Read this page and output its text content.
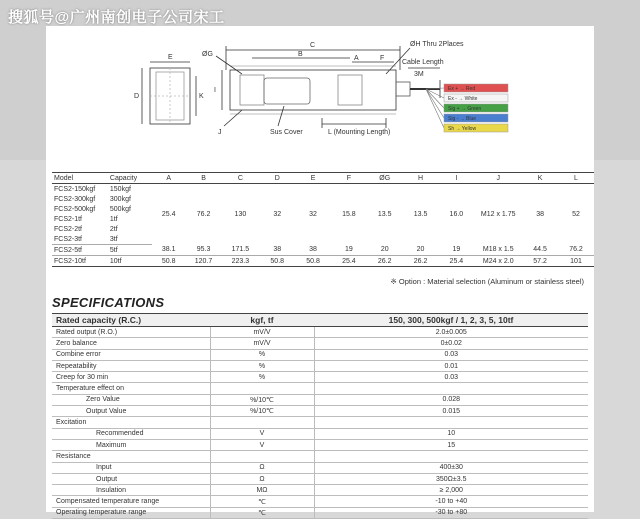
E
D	K
ØG
I
J
C
B
A	F
ØH Thru 2Places
Cable Length
3M
Sus Cover	L (Mounting Length)
Ex + → Red
Ex - → White
Sig + → Green
Sig - → Blue
Sh → Yellow
Model	Capacity	A	B	C	D	E	F	ØG	H	I	J	K	L
FCS2-150kgf	150kgf	25.4	76.2	130	32	32	15.8	13.5	13.5	16.0	M12 x 1.75	38	52
FCS2-300kgf	300kgf												
FCS2-500kgf	500kgf												
FCS2-1tf	1tf												
FCS2-2tf	2tf												
FCS2-3tf	3tf												
FCS2-5tf	5tf	38.1	95.3	171.5	38	38	19	20	20	19	M18 x 1.5	44.5	76.2
FCS2-10tf	10tf	50.8	120.7	223.3	50.8	50.8	25.4	26.2	26.2	25.4	M24 x 2.0	57.2	101
※ Option : Material selection (Aluminum or stainless steel)
SPECIFICATIONS
Rated capacity (R.C.)	kgf, tf	150, 300, 500kgf / 1, 2, 3, 5, 10tf
Rated output (R.O.)	mV/V	2.0±0.005
Zero balance	mV/V	0±0.02
Combine error	%	0.03
Repeatability	%	0.01
Creep for 30 min	%	0.03
Temperature effect on		
Zero Value	%/10℃	0.028
Output Value	%/10℃	0.015
Excitation		
Recommended	V	10
Maximum	V	15
Resistance		
Input	Ω	400±30
Output	Ω	350Ω±3.5
Insulation	MΩ	≥ 2,000
Compensated temperature range	℃	-10 to +40
Operating temperature range	℃	-30 to +80
搜狐号@广州南创电子公司宋工
